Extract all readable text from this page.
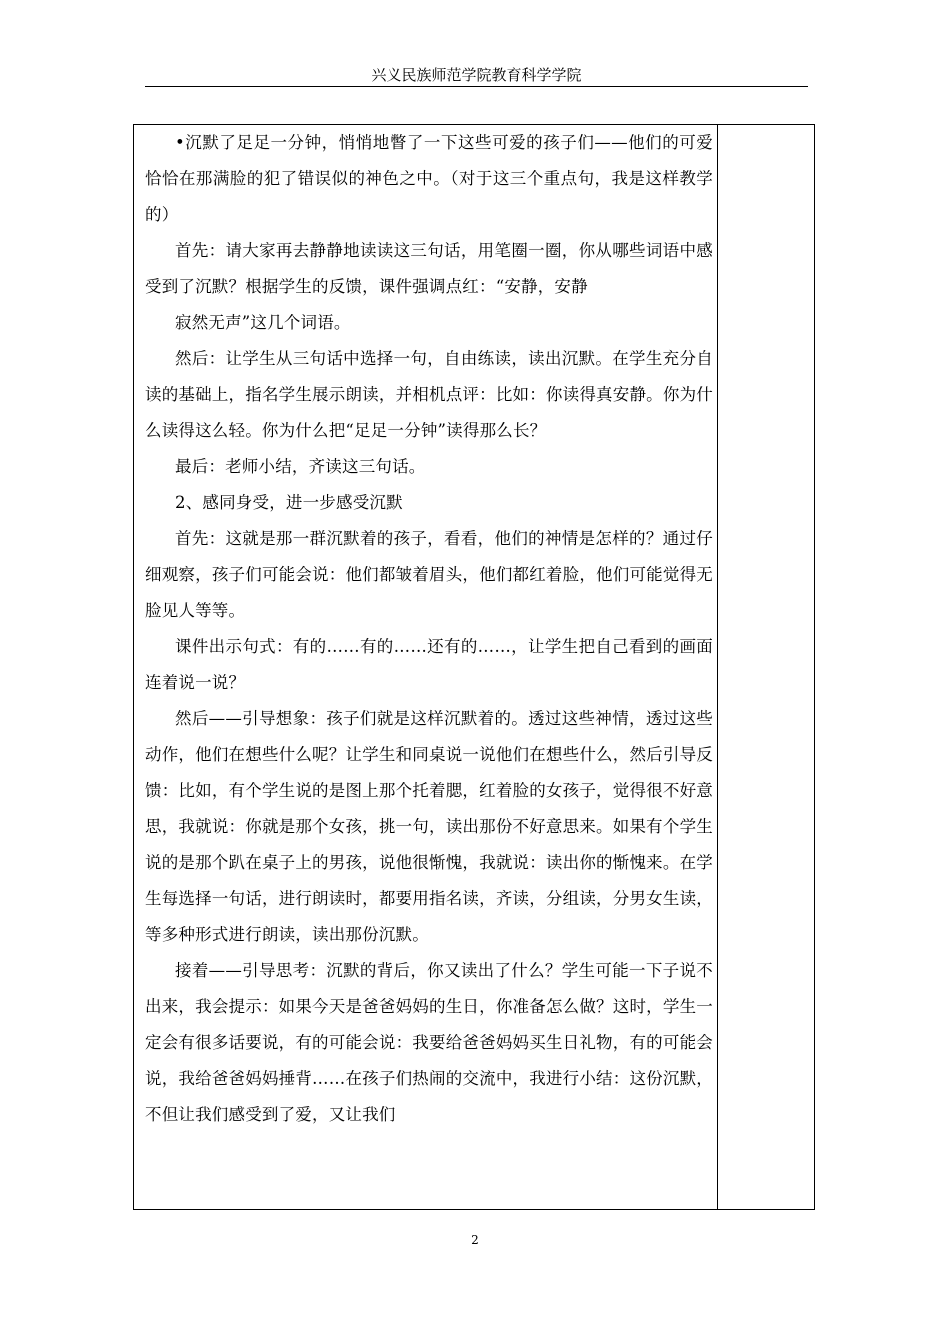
兴义民族师范学院教育科学学院

•沉默了足足一分钟，悄悄地瞥了一下这些可爱的孩子们——他们的可爱恰恰在那满脸的犯了错误似的神色之中。（对于这三个重点句，我是这样教学的）

首先：请大家再去静静地读读这三句话，用笔圈一圈，你从哪些词语中感受到了沉默？根据学生的反馈，课件强调点红：“安静，安静

寂然无声”这几个词语。

然后：让学生从三句话中选择一句，自由练读，读出沉默。在学生充分自读的基础上，指名学生展示朗读，并相机点评：比如：你读得真安静。你为什么读得这么轻。你为什么把“足足一分钟”读得那么长？

最后：老师小结，齐读这三句话。

2、感同身受，进一步感受沉默

首先：这就是那一群沉默着的孩子，看看，他们的神情是怎样的？通过仔细观察，孩子们可能会说：他们都皱着眉头，他们都红着脸，他们可能觉得无脸见人等等。

课件出示句式：有的……有的……还有的……，让学生把自己看到的画面连着说一说？

然后——引导想象：孩子们就是这样沉默着的。透过这些神情，透过这些动作，他们在想些什么呢？让学生和同桌说一说他们在想些什么，然后引导反馈：比如，有个学生说的是图上那个托着腮，红着脸的女孩子，觉得很不好意思，我就说：你就是那个女孩，挑一句，读出那份不好意思来。如果有个学生说的是那个趴在桌子上的男孩，说他很惭愧，我就说：读出你的惭愧来。在学生每选择一句话，进行朗读时，都要用指名读，齐读，分组读，分男女生读，等多种形式进行朗读，读出那份沉默。

接着——引导思考：沉默的背后，你又读出了什么？学生可能一下子说不出来，我会提示：如果今天是爸爸妈妈的生日，你准备怎么做？这时，学生一定会有很多话要说，有的可能会说：我要给爸爸妈妈买生日礼物，有的可能会说，我给爸爸妈妈捶背……在孩子们热闹的交流中，我进行小结：这份沉默，不但让我们感受到了爱，又让我们

2
